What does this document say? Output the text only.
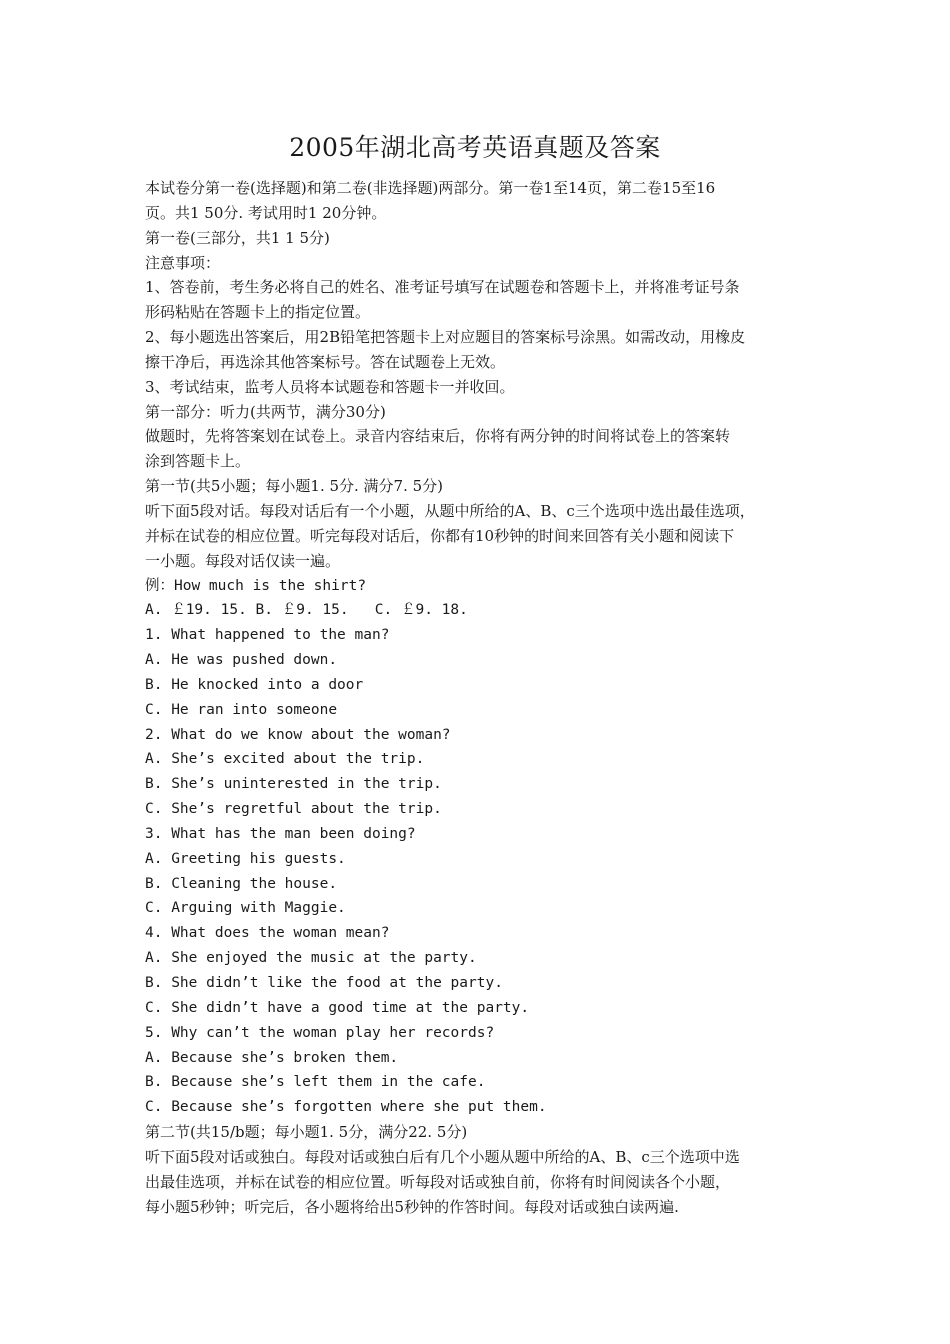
2005年湖北高考英语真题及答案
本试卷分第一卷(选择题)和第二卷(非选择题)两部分。第一卷1至14页，第二卷15至16
页。共1 50分. 考试用时1 20分钟。
第一卷(三部分，共1 1 5分)
注意事项：
1、答卷前，考生务必将自己的姓名、准考证号填写在试题卷和答题卡上，并将准考证号条
形码粘贴在答题卡上的指定位置。
2、每小题选出答案后，用2B铅笔把答题卡上对应题目的答案标号涂黑。如需改动，用橡皮
擦干净后，再选涂其他答案标号。答在试题卷上无效。
3、考试结束，监考人员将本试题卷和答题卡一并收回。
第一部分：听力(共两节，满分30分)
做题时，先将答案划在试卷上。录音内容结束后，你将有两分钟的时间将试卷上的答案转
涂到答题卡上。
第一节(共5小题；每小题1. 5分. 满分7. 5分)
听下面5段对话。每段对话后有一个小题，从题中所给的A、B、c三个选项中选出最佳选项，
并标在试卷的相应位置。听完每段对话后，你都有10秒钟的时间来回答有关小题和阅读下
一小题。每段对话仅读一遍。
例：How much is the shirt?
A. ￡19. 15. B. ￡9. 15.   C. ￡9. 18.
1. What happened to the man?
A. He was pushed down.
B. He knocked into a door
C. He ran into someone
2. What do we know about the woman?
A. She’s excited about the trip.
B. She’s uninterested in the trip.
C. She’s regretful about the trip.
3. What has the man been doing?
A. Greeting his guests.
B. Cleaning the house.
C. Arguing with Maggie.
4. What does the woman mean?
A. She enjoyed the music at the party.
B. She didn’t like the food at the party.
C. She didn’t have a good time at the party.
5. Why can’t the woman play her records?
A. Because she’s broken them.
B. Because she’s left them in the cafe.
C. Because she’s forgotten where she put them.
第二节(共15/b题；每小题1. 5分，满分22. 5分)
听下面5段对话或独白。每段对话或独白后有几个小题从题中所给的A、B、c三个选项中选
出最佳选项，并标在试卷的相应位置。听每段对话或独自前，你将有时间阅读各个小题，
每小题5秒钟；听完后，各小题将给出5秒钟的作答时间。每段对话或独白读两遍.
